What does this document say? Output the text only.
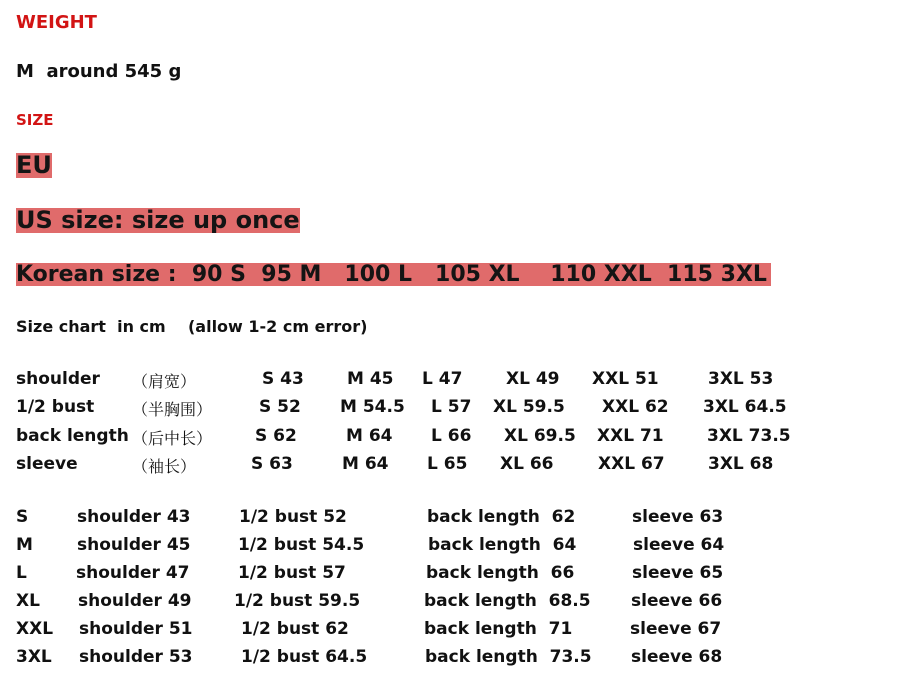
WEIGHT
M  around 545 g
SIZE
EU
US size: size up once
Korean size :  90 S  95 M   100 L   105 XL    110 XXL  115 3XL
Size chart  in cm    (allow 1-2 cm error)
shoulder （肩宽）	S 43	M 45 L 47	XL 49 XXL 51	3XL 53
1/2 bust （半胸围）	S 52 M 54.5 L 57 XL 59.5 XXL 62 3XL 64.5
back length （后中长）	S 62	M 64 L 66 XL 69.5 XXL 71	3XL 73.5
sleeve	（袖长）	S 63	M 64 L 65 XL 66	XXL 67	3XL 68
S	shoulder 43	1/2 bust 52	back length  62	sleeve 63
M	shoulder 45	1/2 bust 54.5	back length  64	sleeve 64
L	shoulder 47	1/2 bust 57	back length  66	sleeve 65
XL shoulder 49	1/2 bust 59.5	back length  68.5 sleeve 66
XXL shoulder 51	1/2 bust 62	back length  71	sleeve 67
3XL shoulder 53	1/2 bust 64.5	back length  73.5 sleeve 68
